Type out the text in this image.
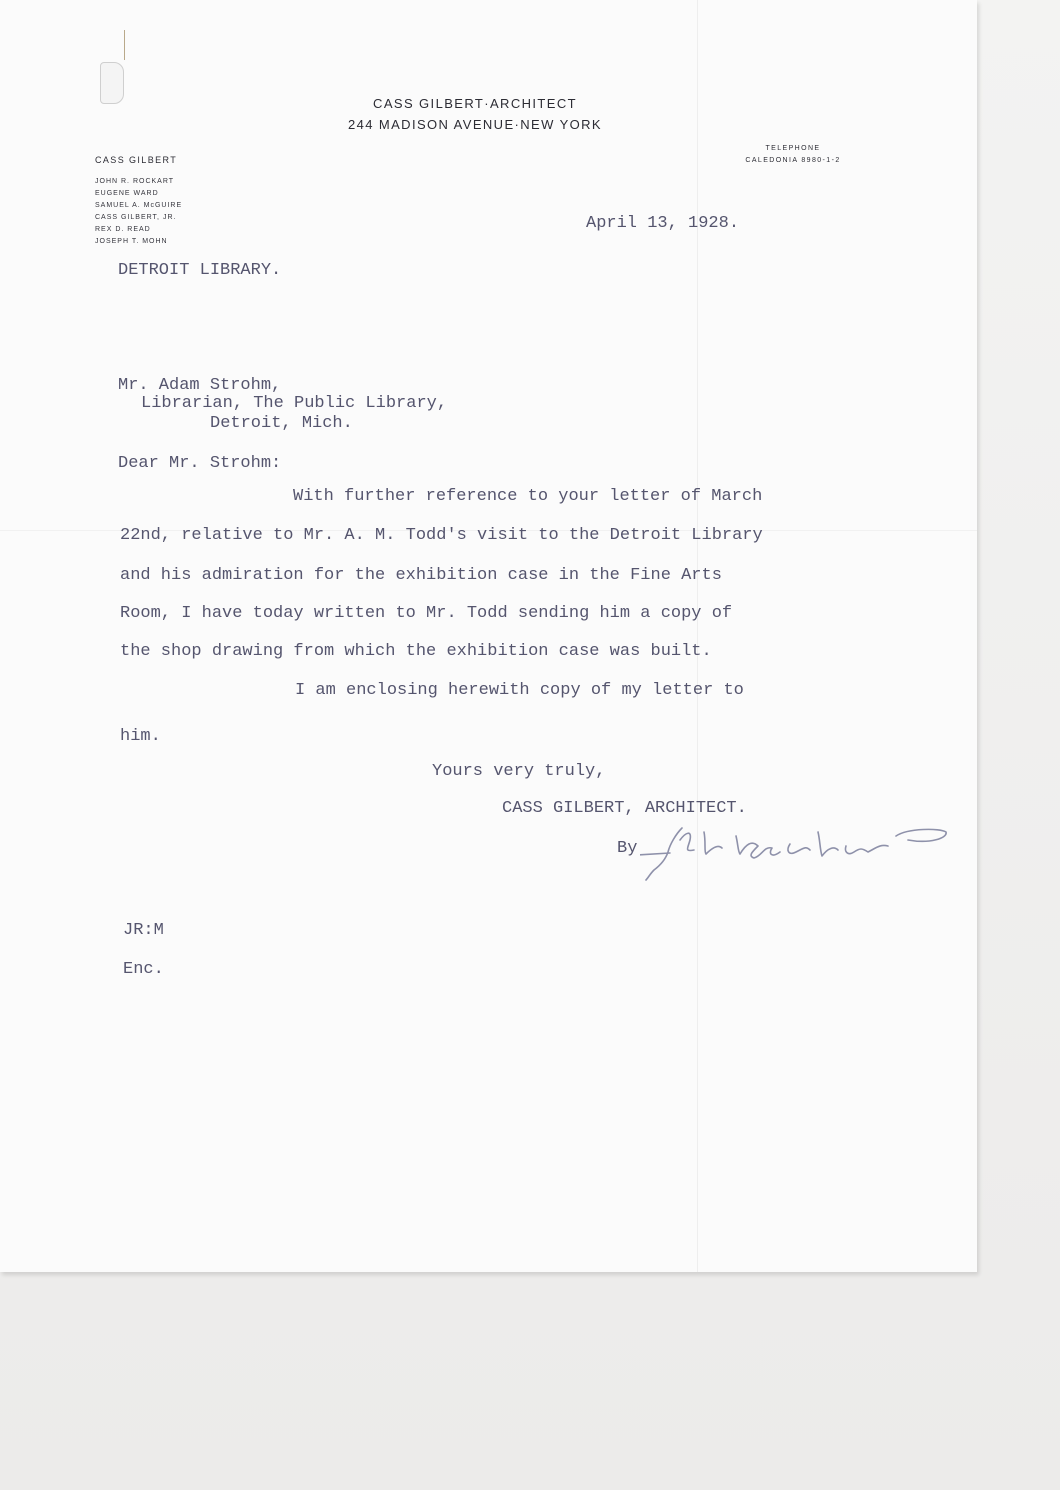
CASS GILBERT·ARCHITECT
244 MADISON AVENUE·NEW YORK
CASS GILBERT
JOHN R. ROCKART
EUGENE WARD
SAMUEL A. McGUIRE
CASS GILBERT, JR.
REX D. READ
JOSEPH T. MOHN
TELEPHONE
CALEDONIA 8980-1-2

April 13, 1928.

DETROIT LIBRARY.

Mr. Adam Strohm,

Librarian, The Public Library,

Detroit, Mich.

Dear Mr. Strohm:

With further reference to your letter of March

22nd, relative to Mr. A. M. Todd's visit to the Detroit Library

and his admiration for the exhibition case in the Fine Arts

Room, I have today written to Mr. Todd sending him a copy of

the shop drawing from which the exhibition case was built.

I am enclosing herewith copy of my letter to

him.

Yours very truly,

CASS GILBERT, ARCHITECT.

By

JR:M

Enc.
